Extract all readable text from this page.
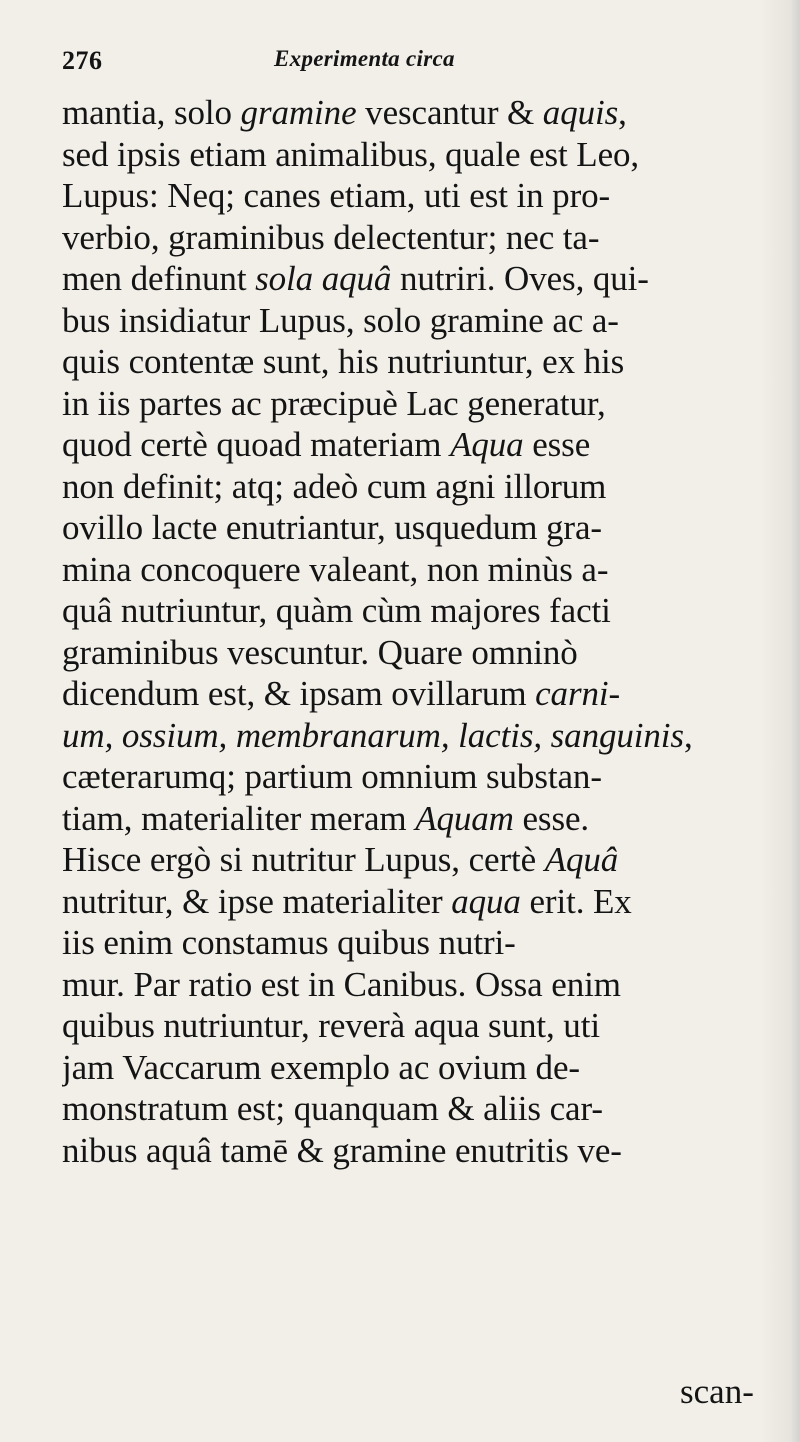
276	Experimenta circa
mantia, solo gramine vescantur & aquis,
sed ipsis etiam animalibus, quale est Leo,
Lupus: Neq; canes etiam, uti est in pro-
verbio, graminibus delectentur; nec ta-
men definunt sola aquâ nutriri. Oves, qui-
bus insidiatur Lupus, solo gramine ac a-
quis contentæ sunt, his nutriuntur, ex his
in iis partes ac præcipuè Lac generatur,
quod certè quoad materiam Aqua esse
non definit; atq; adeò cum agni illorum
ovillo lacte enutriantur, usquedum gra-
mina concoquere valeant, non minùs a-
quâ nutriuntur, quàm cùm majores facti
graminibus vescuntur. Quare omninò
dicendum est, & ipsam ovillarum carni-
um, ossium, membranarum, lactis, sanguinis,
cæterarumq; partium omnium substan-
tiam, materialiter meram Aquam esse.
Hisce ergò si nutritur Lupus, certè Aquâ
nutritur, & ipse materialiter aqua erit. Ex
iis enim constamus quibus nutri-
mur. Par ratio est in Canibus. Ossa enim
quibus nutriuntur, reverà aqua sunt, uti
jam Vaccarum exemplo ac ovium de-
monstratum est; quanquam & aliis car-
nibus aquâ tamē & gramine enutritis ve-
scan-
